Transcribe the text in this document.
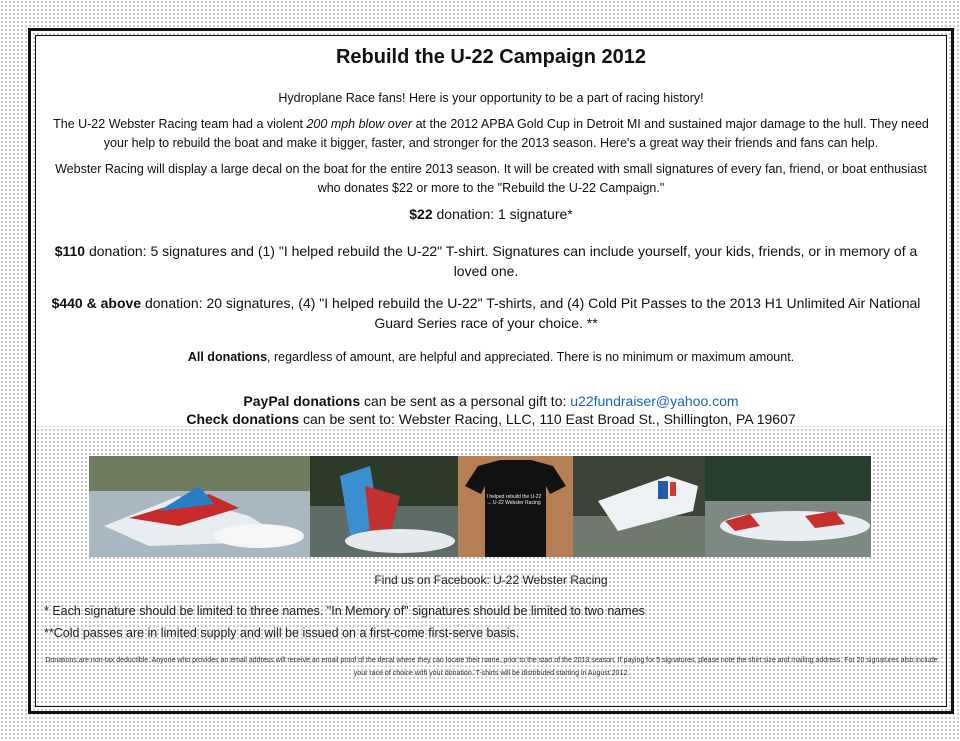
Rebuild the U-22 Campaign 2012

Hydroplane Race fans! Here is your opportunity to be a part of racing history!

The U-22 Webster Racing team had a violent 200 mph blow over at the 2012 APBA Gold Cup in Detroit MI and sustained major damage to the hull. They need your help to rebuild the boat and make it bigger, faster, and stronger for the 2013 season. Here's a great way their friends and fans can help.

Webster Racing will display a large decal on the boat for the entire 2013 season. It will be created with small signatures of every fan, friend, or boat enthusiast who donates $22 or more to the "Rebuild the U-22 Campaign."

$22 donation: 1 signature*

$110 donation: 5 signatures and (1) "I helped rebuild the U-22" T-shirt. Signatures can include yourself, your kids, friends, or in memory of a loved one.

$440 & above donation: 20 signatures, (4) "I helped rebuild the U-22" T-shirts, and (4) Cold Pit Passes to the 2013 H1 Unlimited Air National Guard Series race of your choice. **

All donations, regardless of amount, are helpful and appreciated. There is no minimum or maximum amount.

PayPal donations can be sent as a personal gift to: u22fundraiser@yahoo.com

Check donations can be sent to: Webster Racing, LLC, 110 East Broad St., Shillington, PA 19607

I helped rebuild the U-22 ... U-22 Webster Racing
Find us on Facebook: U-22 Webster Racing

* Each signature should be limited to three names. "In Memory of" signatures should be limited to two names

**Cold passes are in limited supply and will be issued on a first-come first-serve basis.

Donations are non-tax deductible. Anyone who provides an email address will receive an email proof of the decal where they can locate their name, prior to the start of the 2013 season. If paying for 5 signatures, please note the shirt size and mailing address. For 20 signatures also include your race of choice with your donation. T-shirts will be distributed starting in August 2012.
